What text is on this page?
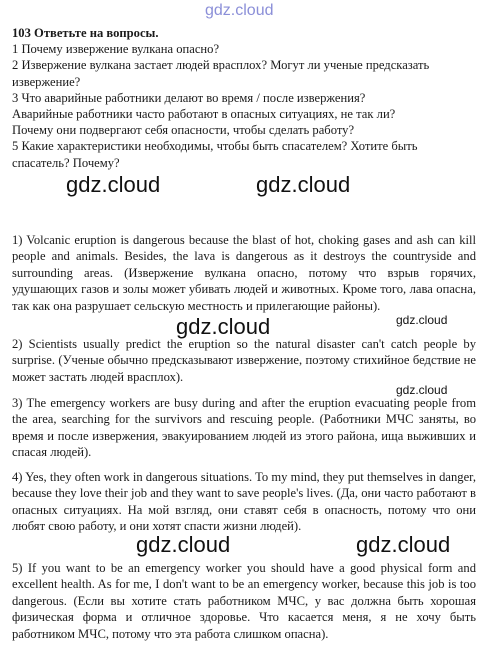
gdz.cloud
103 Ответьте на вопросы.
1 Почему извержение вулкана опасно?
2 Извержение вулкана застает людей врасплох? Могут ли ученые предсказать
извержение?
3 Что аварийные работники делают во время / после извержения?
Аварийные работники часто работают в опасных ситуациях, не так ли?
Почему они подвергают себя опасности, чтобы сделать работу?
5 Какие характеристики необходимы, чтобы быть спасателем? Хотите быть
спасатель? Почему?
gdz.cloud	gdz.cloud
1) Volcanic eruption is dangerous because the blast of hot, choking gases and ash can kill people and animals. Besides, the lava is dangerous as it destroys the countryside and surrounding areas. (Извержение вулкана опасно, потому что взрыв горячих, удушающих газов и золы может убивать людей и животных. Кроме того, лава опасна, так как она разрушает сельскую местность и прилегающие районы).
gdz.cloud	gdz.cloud
2) Scientists usually predict the eruption so the natural disaster can't catch people by surprise. (Ученые обычно предсказывают извержение, поэтому стихийное бедствие не может застать людей врасплох).
gdz.cloud
3) The emergency workers are busy during and after the eruption evacuating people from the area, searching for the survivors and rescuing people. (Работники МЧС заняты, во время и после извержения, эвакуированием людей из этого района, ища выживших и спасая людей).
4) Yes, they often work in dangerous situations. To my mind, they put themselves in danger, because they love their job and they want to save people's lives. (Да, они часто работают в опасных ситуациях. На мой взгляд, они ставят себя в опасность, потому что они любят свою работу, и они хотят спасти жизни людей).
gdz.cloud	gdz.cloud
5) If you want to be an emergency worker you should have a good physical form and excellent health. As for me, I don't want to be an emergency worker, because this job is too dangerous. (Если вы хотите стать работником МЧС, у вас должна быть хорошая физическая форма и отличное здоровье. Что касается меня, я не хочу быть работником МЧС, потому что эта работа слишком опасна).
